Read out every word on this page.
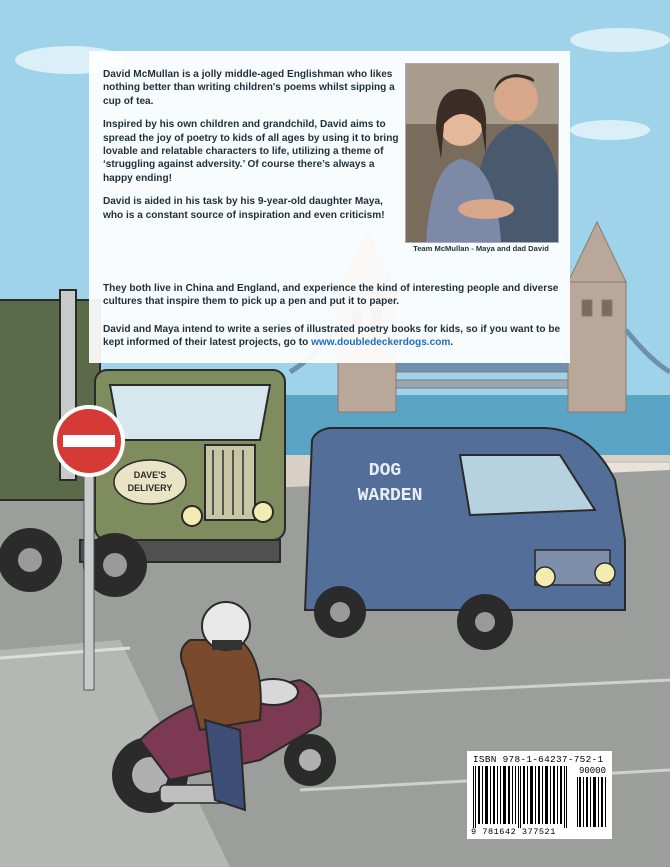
DAVE'S
DELIVERY
DOG
WARDEN

David McMullan is a jolly middle-aged Englishman who likes nothing better than writing children's poems whilst sipping a cup of tea.

Inspired by his own children and grandchild, David aims to spread the joy of poetry to kids of all ages by using it to bring lovable and relatable characters to life, utilizing a theme of ‘struggling against adversity.’ Of course there’s always a happy ending!

David is aided in his task by his 9-year-old daughter Maya, who is a constant source of inspiration and even criticism!

Team McMullan - Maya and dad David
They both live in China and England, and experience the kind of interesting people and diverse cultures that inspire them to pick up a pen and put it to paper.
David and Maya intend to write a series of illustrated poetry books for kids, so if you want to be kept informed of their latest projects, go to www.doubledeckerdogs.com.
ISBN 978-1-64237-752-1
90000
9 781642 377521
